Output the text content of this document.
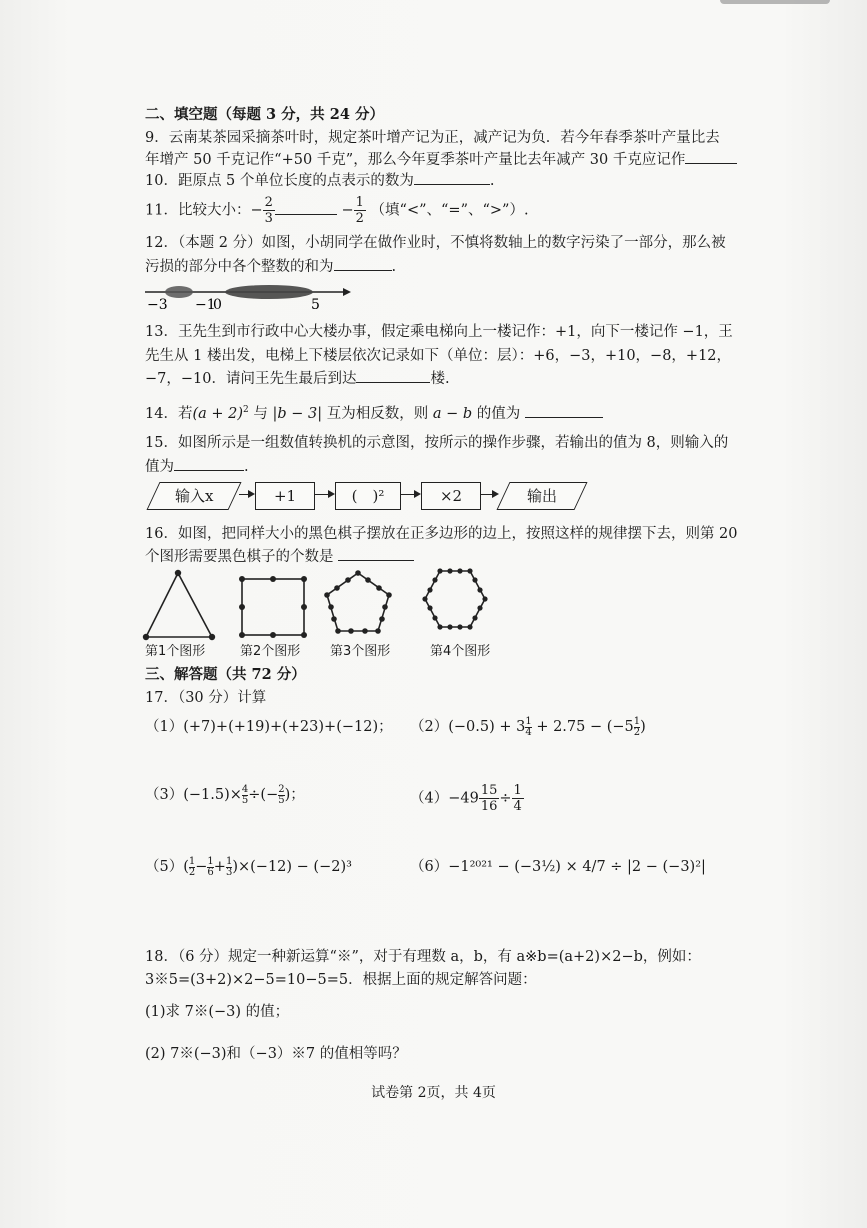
二、填空题（每题 3 分，共 24 分）
9．云南某茶园采摘茶叶时，规定茶叶增产记为正，减产记为负．若今年春季茶叶产量比去
年增产 50 千克记作“+50 千克”，那么今年夏季茶叶产量比去年减产 30 千克应记作
10．距原点 5 个单位长度的点表示的数为	.
11．比较大小：− $\frac{2}{3}$	− $\frac{1}{2}$ （填“<”、“=”、“>”）.
12．（本题 2 分）如图，小胡同学在做作业时，不慎将数轴上的数字污染了一部分，那么被
污损的部分中各个整数的和为	.
−3 −1
0	5
13．王先生到市行政中心大楼办事，假定乘电梯向上一楼记作：+1，向下一楼记作 −1，王
先生从 1 楼出发，电梯上下楼层依次记录如下（单位：层）：+6，−3，+10，−8，+12，
−7，−10．请问王先生最后到达	楼.
14．若$(a + 2)^2$ 与 |b − 3| 互为相反数，则 a − b 的值为
15．如图所示是一组数值转换机的示意图，按所示的操作步骤，若输出的值为 8，则输入的
值为	.
输入x	+1	(　)²	×2	输出
16．如图，把同样大小的黑色棋子摆放在正多边形的边上，按照这样的规律摆下去，则第 20
个图形需要黑色棋子的个数是
第1个图形	第2个图形 第3个图形	第4个图形
三、解答题（共 72 分）
17．（30 分）计算
（1）(+7)+(+19)+(+23)+(−12)； $(2)(-0.5) + 3 \frac{1}{4} + 2.75 - (-5 \frac{1}{2}$ )
$(3)(-1.5)\times \frac{4}{5}$ ÷(− $\frac{2}{5}$ )；	$(4)-49 \frac{15}{16} \div \frac{1}{4}$
$(5)( \frac{1}{2} - \frac{1}{6} + \frac{1}{3} )\times(-12) - (-2)^3$	（6）−1²⁰²¹ − (−3½) × 4/7 ÷ |2 − (−3)²|
18．（6 分）规定一种新运算“※”，对于有理数 a，b，有 a※b=(a+2)×2−b，例如：
3※5=(3+2)×2−5=10−5=5．根据上面的规定解答问题：
(1)求 7※(−3) 的值；
(2) 7※(−3)和（−3）※7 的值相等吗？
试卷第 2页，共 4页
